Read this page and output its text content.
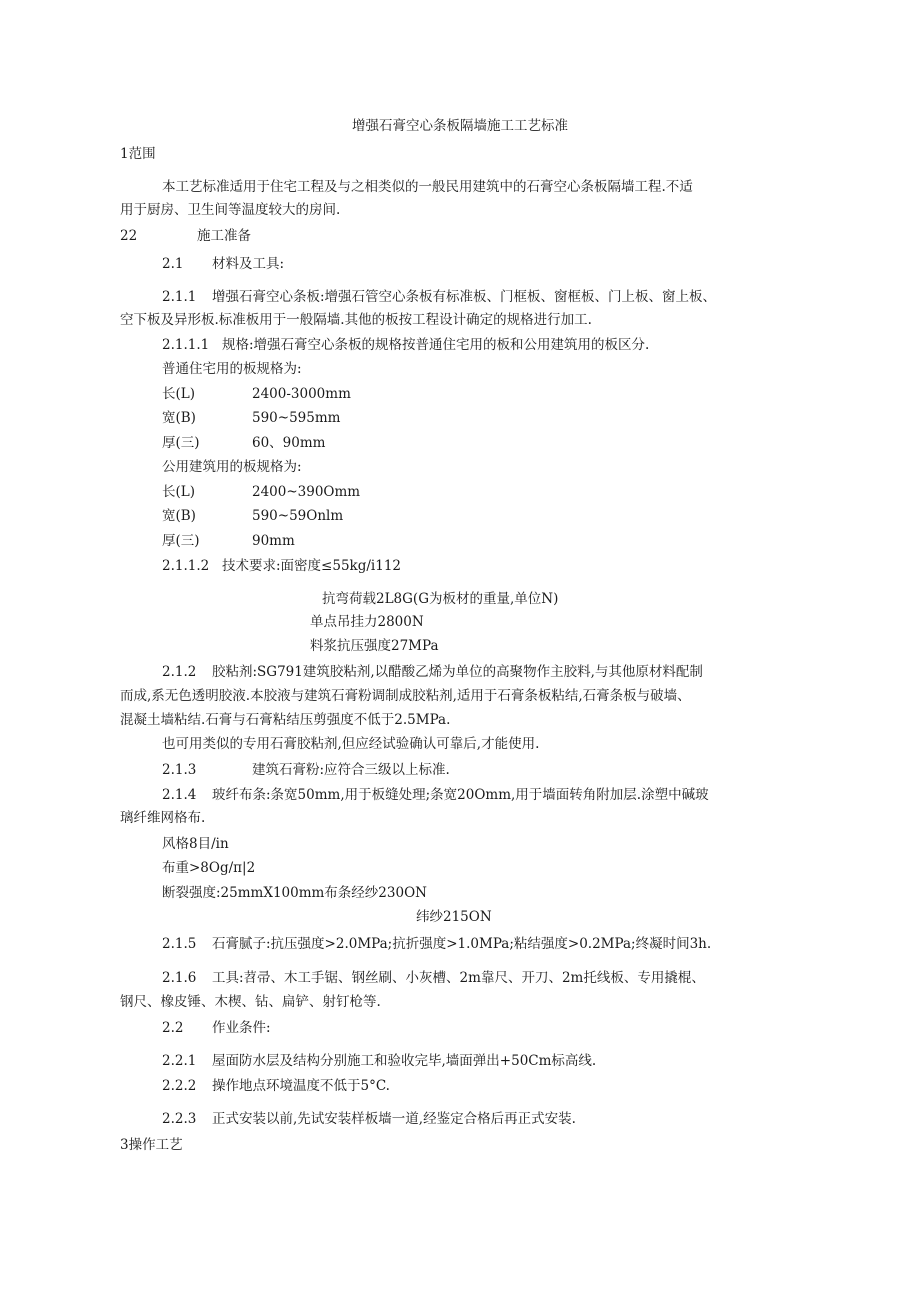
增强石膏空心条板隔墙施工工艺标准
1范围
本工艺标准适用于住宅工程及与之相类似的一般民用建筑中的石膏空心条板隔墙工程.不适
用于厨房、卫生间等温度较大的房间.
22	施工准备
2.1 材料及工具:
2.1.1 增强石膏空心条板:增强石管空心条板有标准板、门框板、窗框板、门上板、窗上板、
空下板及异形板.标准板用于一般隔墙.其他的板按工程设计确定的规格进行加工.
2.1.1.1 规格:增强石膏空心条板的规格按普通住宅用的板和公用建筑用的板区分.
普通住宅用的板规格为:
长(L)	2400-3000mm
宽(B)	590~595mm
厚(三)	60、90mm
公用建筑用的板规格为:
长(L)	2400~390Omm
宽(B)	590~59Onlm
厚(三)	90mm
2.1.1.2 技术要求:面密度≤55kg/i112
抗弯荷载2L8G(G为板材的重量,单位N)
单点吊挂力2800N
料浆抗压强度27MPa
2.1.2 胶粘剂:SG791建筑胶粘剂,以醋酸乙烯为单位的高聚物作主胶料,与其他原材料配制
而成,系无色透明胶液.本胶液与建筑石膏粉调制成胶粘剂,适用于石膏条板粘结,石膏条板与破墙、
混凝土墙粘结.石膏与石膏粘结压剪强度不低于2.5MPa.
也可用类似的专用石膏胶粘剂,但应经试验确认可靠后,才能使用.
2.1.3	建筑石膏粉:应符合三级以上标准.
2.1.4 玻纤布条:条宽50mm,用于板缝处理;条宽20Omm,用于墙面转角附加层.涂塑中碱玻
璃纤维网格布.
风格8目/in
布重>8Og/π|2
断裂强度:25mmX100mm布条经纱230ON
纬纱215ON
2.1.5 石膏腻子:抗压强度>2.0MPa;抗折强度>1.0MPa;粘结强度>0.2MPa;终凝时间3h.
2.1.6 工具:苕帚、木工手锯、钢丝刷、小灰槽、2m靠尺、开刀、2m托线板、专用撬棍、
钢尺、橡皮锤、木楔、钻、扁铲、射钉枪等.
2.2 作业条件:
2.2.1 屋面防水层及结构分别施工和验收完毕,墙面弹出+50Cm标高线.
2.2.2 操作地点环境温度不低于5°C.
2.2.3 正式安装以前,先试安装样板墙一道,经鉴定合格后再正式安装.
3操作工艺
